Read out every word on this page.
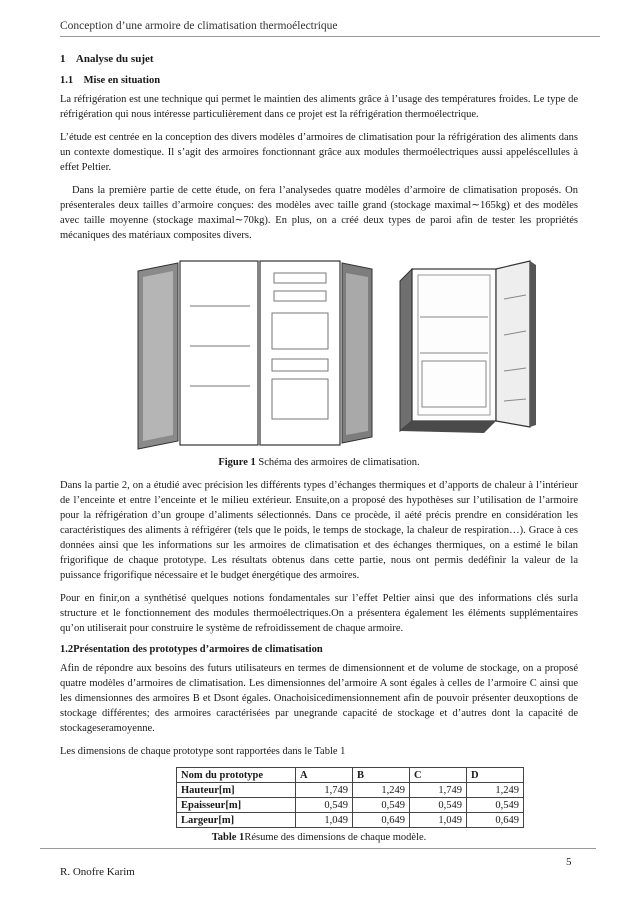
Conception d’une armoire de climatisation thermoélectrique
1 Analyse du sujet
1.1 Mise en situation

La réfrigération est une technique qui permet le maintien des aliments grâce à l’usage des températures froides. Le type de réfrigération qui nous intéresse particulièrement dans ce projet est la réfrigération thermoélectrique.

L’étude est centrée en la conception des divers modèles d’armoires de climatisation pour la réfrigération des aliments dans un contexte domestique. Il s’agit des armoires fonctionnant grâce aux modules thermoélectriques aussi appeléscellules à effet Peltier.

Dans la première partie de cette étude, on fera l’analysedes quatre modèles d’armoire de climatisation proposés. On présenterales deux tailles d’armoire conçues: des modèles avec taille grand (stockage maximal∼165kg) et des modèles avec taille moyenne (stockage maximal∼70kg). En plus, on a créé deux types de paroi afin de tester les propriétés mécaniques des matériaux composites divers.

Figure 1 Schéma des armoires de climatisation.

Dans la partie 2, on a étudié avec précision les différents types d’échanges thermiques et d’apports de chaleur à l’intérieur de l’enceinte et entre l’enceinte et le milieu extérieur. Ensuite,on a proposé des hypothèses sur l’utilisation de l’armoire pour la réfrigération d’un groupe d’aliments sélectionnés. Dans ce procède, il aété précis prendre en considération les caractéristiques des aliments à réfrigérer (tels que le poids, le temps de stockage, la chaleur de respiration…). Grace à ces données ainsi que les informations sur les armoires de climatisation et des échanges thermiques, on a estimé le bilan frigorifique de chaque prototype. Les résultats obtenus dans cette partie, nous ont permis dedéfinir la valeur de la puissance frigorifique nécessaire et le budget énergétique des armoires.

Pour en finir,on a synthétisé quelques notions fondamentales sur l’effet Peltier ainsi que des informations clés surla structure et le fonctionnement des modules thermoélectriques.On a présentera également les éléments supplémentaires qu’on utiliserait pour construire le système de refroidissement de chaque armoire.

1.2Présentation des prototypes d’armoires de climatisation

Afin de répondre aux besoins des futurs utilisateurs en termes de dimensionnent et de volume de stockage, on a proposé quatre modèles d’armoires de climatisation. Les dimensionnes del’armoire A sont égales à celles de l’armoire C ainsi que les dimensionnes des armoires B et Dsont égales. Onachoisicedimensionnement afin de pouvoir présenter deuxoptions de stockage différentes; des armoires caractérisées par unegrande capacité de stockage et d’autres dont la capacité de stockageseramoyenne.

Les dimensions de chaque prototype sont rapportées dans le Table 1

Nom du prototype	A	B	C	D
Hauteur[m]	1,749	1,249	1,749	1,249
Epaisseur[m]	0,549	0,549	0,549	0,549
Largeur[m]	1,049	0,649	1,049	0,649
Table 1Résume des dimensions de chaque modèle.
R. Onofre Karim
5
